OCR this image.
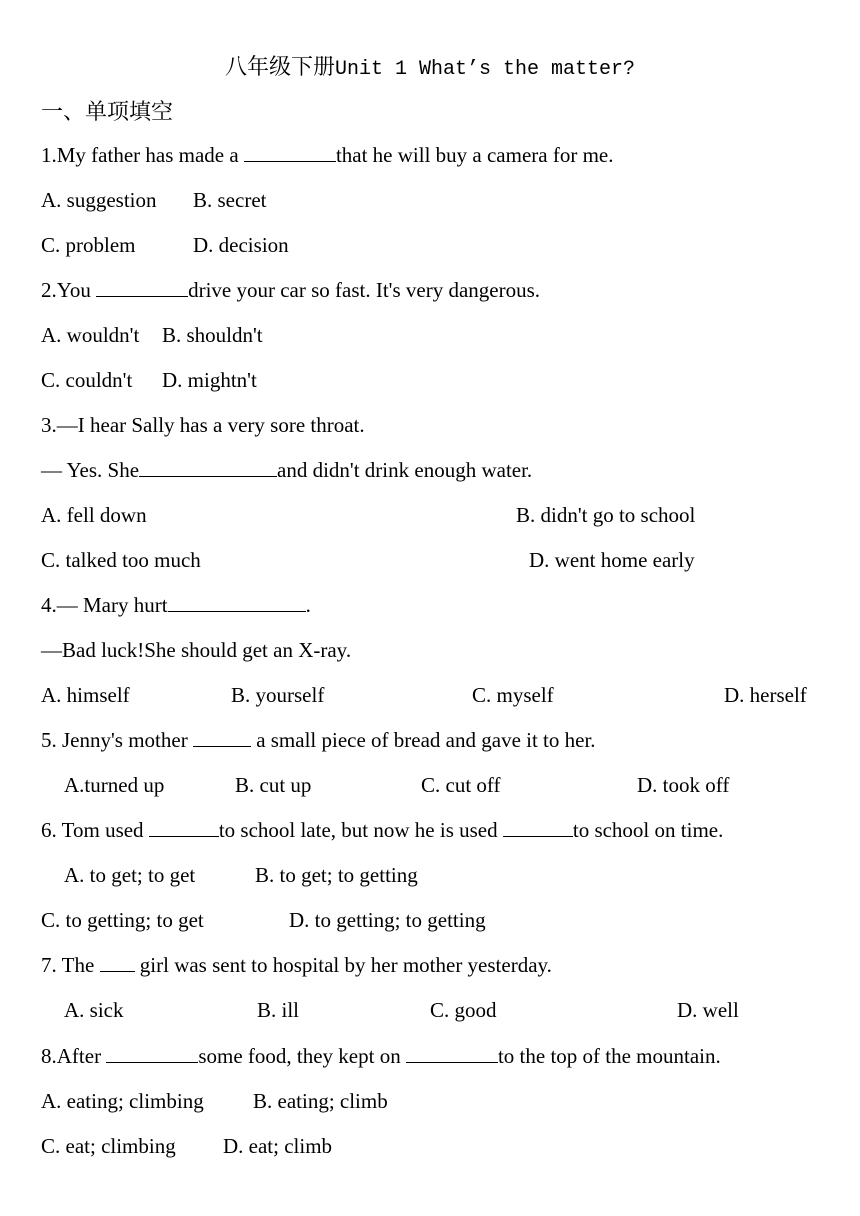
八年级下册Unit 1 What’s the matter?
一、单项填空
1.My father has made a	that he will buy a camera for me.
A. suggestion B. secret
C. problem	D. decision
2.You	drive your car so fast. It's very dangerous.
A. wouldn't B. shouldn't
C. couldn't D. mightn't
3.—I hear Sally has a very sore throat.
— Yes. She	and didn't drink enough water.
A. fell down	B. didn't go to school
C. talked too much	D. went home early
4.— Mary hurt	.
—Bad luck!She should get an X-ray.
A. himself	B. yourself	C. myself	D. herself
5. Jenny's mother	a small piece of bread and gave it to her.
A.turned up	B. cut up	C. cut off	D. took off
6. Tom used	to school late, but now he is used	to school on time.
A. to get; to get	B. to get; to getting
C. to getting; to get	D. to getting; to getting
7. The  girl was sent to hospital by her mother yesterday.
A. sick	B. ill	C. good	D. well
8.After	some food, they kept on	to the top of the mountain.
A. eating; climbing B. eating; climb
C. eat; climbing D. eat; climb
